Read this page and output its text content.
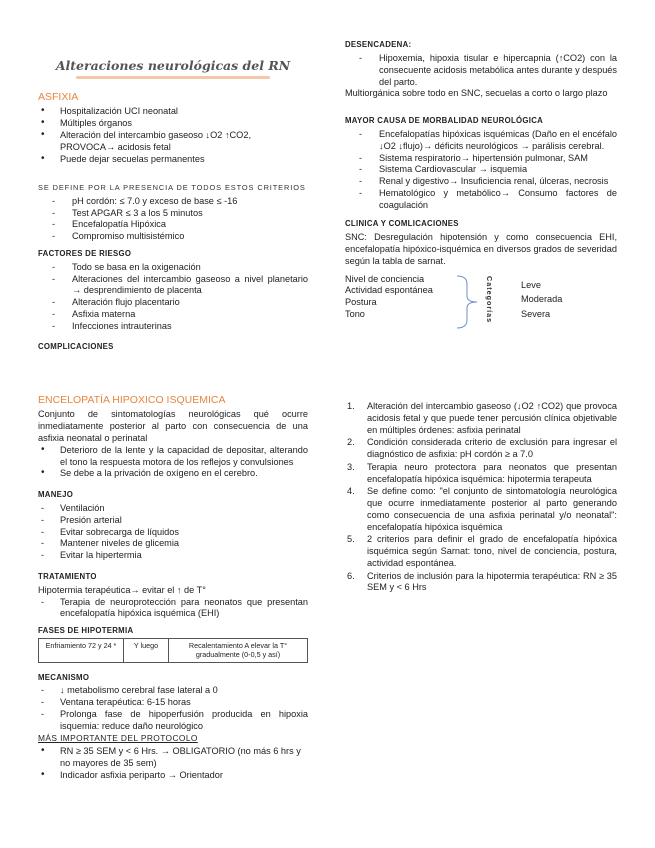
Alteraciones neurológicas del RN
ASFIXIA
• Hospitalización UCI neonatal
• Múltiples órganos
• Alteración del intercambio gaseoso ↓O2 ↑CO2, PROVOCA→ acidosis fetal
• Puede dejar secuelas permanentes
SE DEFINE POR LA PRESENCIA DE TODOS ESTOS CRITERIOS
- pH cordón: ≤ 7.0 y exceso de base ≤ -16
- Test APGAR ≤ 3 a los 5 minutos
- Encefalopatía Hipóxica
- Compromiso multisistémico
FACTORES DE RIESGO
- Todo se basa en la oxigenación
- Alteraciones del intercambio gaseoso a nivel planetario → desprendimiento de placenta
- Alteración flujo placentario
- Asfixia materna
- Infecciones intrauterinas
COMPLICACIONES
ENCELOPATÍA HIPOXICO ISQUEMICA

Conjunto de sintomatologías neurológicas qué ocurre inmediatamente posterior al parto con consecuencia de una asfixia neonatal o perinatal

• Deterioro de la lente y la capacidad de depositar, alterando el tono la respuesta motora de los reflejos y convulsiones
• Se debe a la privación de oxígeno en el cerebro.
MANEJO
- Ventilación
- Presión arterial
- Evitar sobrecarga de líquidos
- Mantener niveles de glicemia
- Evitar la hipertermia
TRATAMIENTO

Hipotermia terapéutica→ evitar el ↑ de T°

- Terapia de neuroprotección para neonatos que presentan encefalopatía hipóxica isquémica (EHI)
FASES DE HIPOTERMIA
Enfriamiento 72 y 24 *	Y luego	Recalentamiento A elevar la T° gradualmente (0-0,5 y así)
MECANISMO
- ↓ metabolismo cerebral fase lateral a 0
- Ventana terapéutica: 6-15 horas
- Prolonga fase de hipoperfusión producida en hipoxia isquemia: reduce daño neurológico
MÁS IMPORTANTE DEL PROTOCOLO
• RN ≥ 35 SEM y < 6 Hrs. → OBLIGATORIO (no más 6 hrs y no mayores de 35 sem)
• Indicador asfixia periparto → Orientador
DESENCADENA:
- Hipoxemia, hipoxia tisular e hipercapnia (↑CO2) con la consecuente acidosis metabólica antes durante y después del parto.

Multiorgánica sobre todo en SNC, secuelas a corto o largo plazo

MAYOR CAUSA DE MORBALIDAD NEUROLÓGICA
- Encefalopatías hipóxicas isquémicas (Daño en el encéfalo ↓O2 ↓flujo)→ déficits neurológicos → parálisis cerebral.
- Sistema respiratorio→ hipertensión pulmonar, SAM
- Sistema Cardiovascular → isquemia
- Renal y digestivo→ Insuficiencia renal, úlceras, necrosis
- Hematológico y metabólico→ Consumo factores de coagulación
CLINICA Y COMLICACIONES

SNC: Desregulación hipotensión y como consecuencia EHI, encefalopatía hipóxico-isquémica en diversos grados de severidad según la tabla de sarnat.

Nivel de conciencia
Actividad espontánea
Postura
Tono	Categorías	Leve
Moderada
Severa
1. Alteración del intercambio gaseoso (↓O2 ↑CO2) que provoca acidosis fetal y que puede tener percusión clínica objetivable en múltiples órdenes: asfixia perinatal
2. Condición considerada criterio de exclusión para ingresar el diagnóstico de asfixia: pH cordón ≥ a 7.0
3. Terapia neuro protectora para neonatos que presentan encefalopatía hipóxica isquémica: hipotermia terapeuta
4. Se define como: "el conjunto de sintomatología neurológica que ocurre inmediatamente posterior al parto generando como consecuencia de una asfixia perinatal y/o neonatal": encefalopatía hipóxica isquémica
5. 2 criterios para definir el grado de encefalopatía hipóxica isquémica según Sarnat: tono, nivel de conciencia, postura, actividad espontánea.
6. Criterios de inclusión para la hipotermia terapéutica: RN ≥ 35 SEM y < 6 Hrs
